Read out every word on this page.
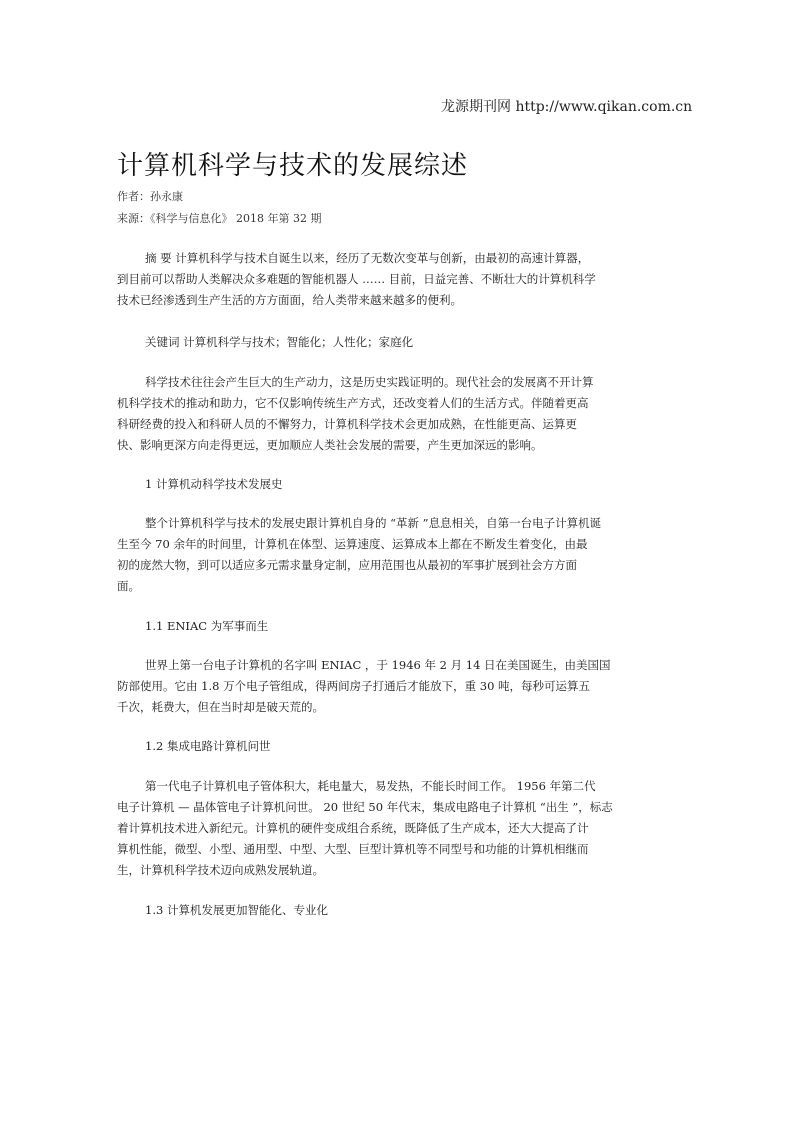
龙源期刊网 http://www.qikan.com.cn
计算机科学与技术的发展综述
作者：孙永康
来源：《科学与信息化》 2018 年第 32 期
摘 要 计算机科学与技术自诞生以来，经历了无数次变革与创新，由最初的高速计算器，
到目前可以帮助人类解决众多难题的智能机器人 …… 目前，日益完善、不断壮大的计算机科学
技术已经渗透到生产生活的方方面面，给人类带来越来越多的便利。
关键词 计算机科学与技术；智能化；人性化；家庭化
科学技术往往会产生巨大的生产动力，这是历史实践证明的。现代社会的发展离不开计算
机科学技术的推动和助力，它不仅影响传统生产方式，还改变着人们的生活方式。伴随着更高
科研经费的投入和科研人员的不懈努力，计算机科学技术会更加成熟，在性能更高、运算更
快、影响更深方向走得更远，更加顺应人类社会发展的需要，产生更加深远的影响。
1 计算机动科学技术发展史
整个计算机科学与技术的发展史跟计算机自身的 “革新 ”息息相关，自第一台电子计算机诞
生至今 70 余年的时间里，计算机在体型、运算速度、运算成本上都在不断发生着变化，由最
初的庞然大物，到可以适应多元需求量身定制，应用范围也从最初的军事扩展到社会方方面
面。
1.1 ENIAC 为军事而生
世界上第一台电子计算机的名字叫 ENIAC ，于 1946 年 2 月 14 日在美国诞生，由美国国
防部使用。它由 1.8 万个电子管组成，得两间房子打通后才能放下，重 30 吨，每秒可运算五
千次，耗费大，但在当时却是破天荒的。
1.2 集成电路计算机问世
第一代电子计算机电子管体积大，耗电量大，易发热，不能长时间工作。 1956 年第二代
电子计算机 — 晶体管电子计算机问世。 20 世纪 50 年代末，集成电路电子计算机 “出生 ”，标志
着计算机技术进入新纪元。计算机的硬件变成组合系统，既降低了生产成本，还大大提高了计
算机性能，微型、小型、通用型、中型、大型、巨型计算机等不同型号和功能的计算机相继而
生，计算机科学技术迈向成熟发展轨道。
1.3 计算机发展更加智能化、专业化
